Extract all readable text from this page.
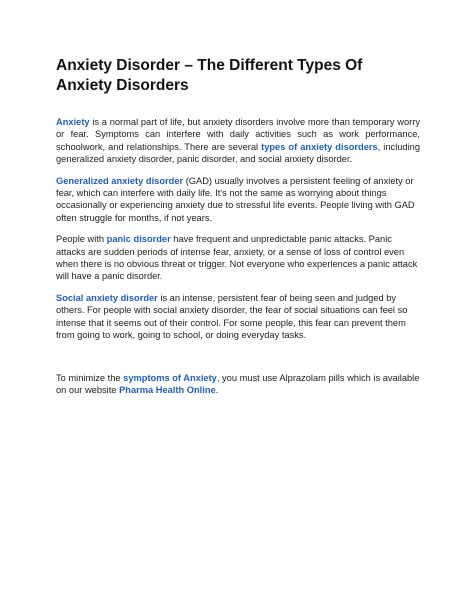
Anxiety Disorder – The Different Types Of Anxiety Disorders

Anxiety is a normal part of life, but anxiety disorders involve more than temporary worry or fear. Symptoms can interfere with daily activities such as work performance, schoolwork, and relationships. There are several types of anxiety disorders, including generalized anxiety disorder, panic disorder, and social anxiety disorder.

Generalized anxiety disorder (GAD) usually involves a persistent feeling of anxiety or fear, which can interfere with daily life. It's not the same as worrying about things occasionally or experiencing anxiety due to stressful life events. People living with GAD often struggle for months, if not years.

People with panic disorder have frequent and unpredictable panic attacks. Panic attacks are sudden periods of intense fear, anxiety, or a sense of loss of control even when there is no obvious threat or trigger. Not everyone who experiences a panic attack will have a panic disorder.

Social anxiety disorder is an intense, persistent fear of being seen and judged by others. For people with social anxiety disorder, the fear of social situations can feel so intense that it seems out of their control. For some people, this fear can prevent them from going to work, going to school, or doing everyday tasks.

To minimize the symptoms of Anxiety, you must use Alprazolam pills which is available on our website Pharma Health Online.
